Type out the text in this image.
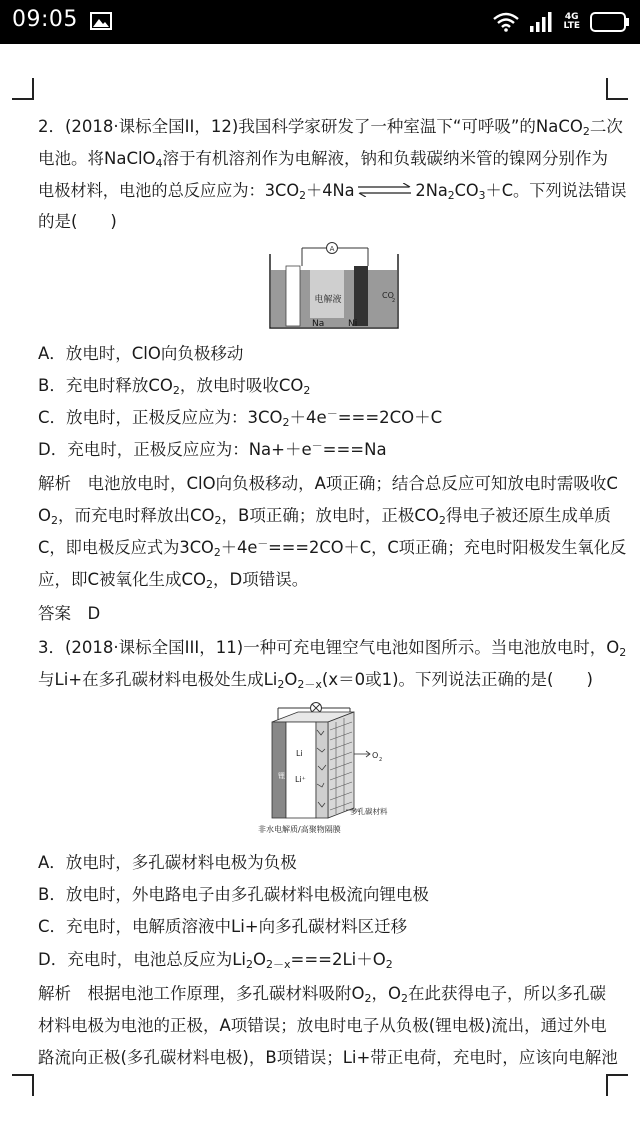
09:05	4G
LTE
2．(2018·课标全国II，12)我国科学家研发了一种室温下“可呼吸”的NaCO$_2$二次
电池。将NaClO$_4$溶于有机溶剂作为电解液，钠和负载碳纳米管的镍网分别作为
电极材料，电池的总反应应为：$3CO_2+4Na$ ⇌ $2Na_2CO_3+C$。下列说法错误
的是(　　)
A
电解液	CO
2
Na	Ni
A．放电时，ClO向负极移动
B．充电时释放$CO_2$，放电时吸收$CO_2$
C．放电时，正极反应应为：$3CO_2+4e^-===2CO+C$
D．充电时，正极反应应为：Na+＋e－===Na
解析　电池放电时，ClO向负极移动，A项正确；结合总反应可知放电时需吸收C
$O_2$，而充电时释放出$CO_2$，B项正确；放电时，正极$CO_2$得电子被还原生成单质
C，即电极反应式为$3CO_2+4e^-===2CO+C$，C项正确；充电时阳极发生氧化反
应，即C被氧化生成$CO_2$，D项错误。
答案　D
3．(2018·课标全国III，11)一种可充电锂空气电池如图所示。当电池放电时，$O_2$
与Li+在多孔碳材料电极处生成$Li_2O_{2-x}(x=0$或1)。下列说法正确的是(　　)
锂
Li
Li⁺
O 2
多孔碳材料
非水电解质/高聚物隔膜
A．放电时，多孔碳材料电极为负极
B．放电时，外电路电子由多孔碳材料电极流向锂电极
C．充电时，电解质溶液中Li+向多孔碳材料区迁移
D．充电时，电池总反应为$Li_2O_{2-x}===2Li+O_2$
解析　根据电池工作原理，多孔碳材料吸附$O_2$，$O_2$在此获得电子，所以多孔碳
材料电极为电池的正极，A项错误；放电时电子从负极(锂电极)流出，通过外电
路流向正极(多孔碳材料电极)，B项错误；Li+带正电荷，充电时，应该向电解池
